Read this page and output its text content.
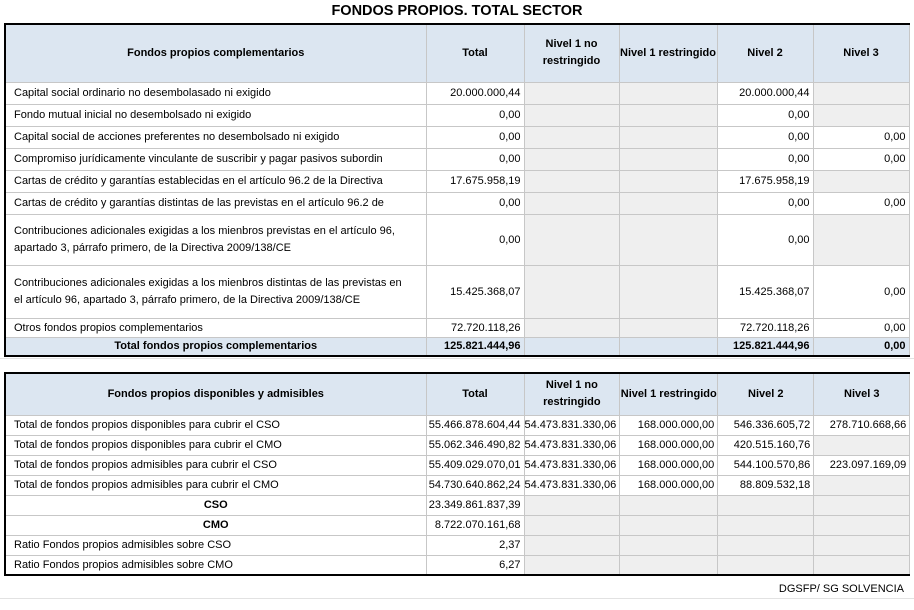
FONDOS PROPIOS. TOTAL SECTOR
Fondos propios complementarios	Total	Nivel 1 no restringido	Nivel 1 restringido	Nivel 2	Nivel 3
Capital social ordinario no desembolasado ni exigido	20.000.000,44			20.000.000,44	
Fondo mutual inicial no desembolsado ni exigido	0,00			0,00	
Capital social de acciones preferentes no desembolsado ni exigido	0,00			0,00	0,00
Compromiso jurídicamente vinculante de suscribir y pagar pasivos subordin	0,00			0,00	0,00
Cartas de crédito y garantías establecidas en el artículo 96.2 de la Directiva	17.675.958,19			17.675.958,19	
Cartas de crédito y garantías distintas de las previstas en el artículo 96.2 de	0,00			0,00	0,00
Contribuciones adicionales exigidas a los mienbros previstas en el artículo 96, apartado 3, párrafo primero, de la Directiva 2009/138/CE	0,00			0,00	
Contribuciones adicionales exigidas a los mienbros distintas de las previstas en el artículo 96, apartado 3, párrafo primero, de la Directiva 2009/138/CE	15.425.368,07			15.425.368,07	0,00
Otros fondos propios complementarios	72.720.118,26			72.720.118,26	0,00
Total fondos propios complementarios	125.821.444,96			125.821.444,96	0,00
Fondos propios disponibles y admisibles	Total	Nivel 1 no restringido	Nivel 1 restringido	Nivel 2	Nivel 3
Total de fondos propios disponibles para cubrir el CSO	55.466.878.604,44	54.473.831.330,06	168.000.000,00	546.336.605,72	278.710.668,66
Total de fondos propios disponibles para cubrir el CMO	55.062.346.490,82	54.473.831.330,06	168.000.000,00	420.515.160,76	
Total de fondos propios admisibles para cubrir el CSO	55.409.029.070,01	54.473.831.330,06	168.000.000,00	544.100.570,86	223.097.169,09
Total de fondos propios admisibles para cubrir el CMO	54.730.640.862,24	54.473.831.330,06	168.000.000,00	88.809.532,18	
CSO	23.349.861.837,39				
CMO	8.722.070.161,68				
Ratio Fondos propios admisibles sobre CSO	2,37				
Ratio Fondos propios admisibles sobre CMO	6,27				
DGSFP/ SG SOLVENCIA
